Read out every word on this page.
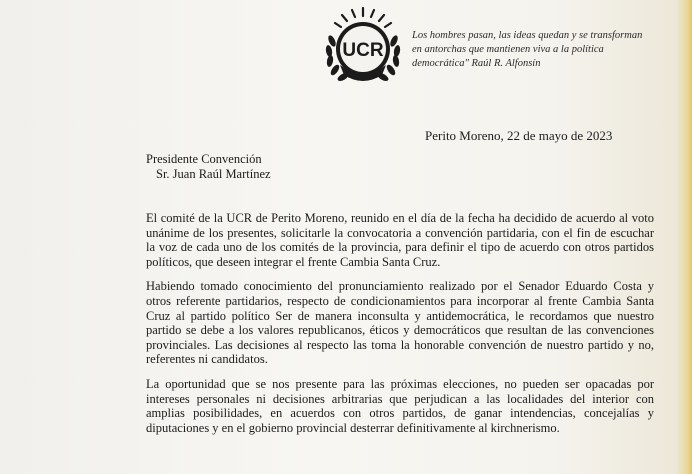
UCR
Los hombres pasan, las ideas quedan y se transforman
en antorchas que mantienen viva a la política
democrática" Raúl R. Alfonsín
Perito Moreno, 22 de mayo de 2023
Presidente Convención
Sr. Juan Raúl Martínez
El comité de la UCR de Perito Moreno, reunido en el día de la fecha ha decidido de acuerdo al voto
unánime de los presentes, solicitarle la convocatoria a convención partidaria, con el fin de escuchar
la voz de cada uno de los comités de la provincia, para definir el tipo de acuerdo con otros partidos
políticos, que deseen integrar el frente Cambia Santa Cruz.
Habiendo tomado conocimiento del pronunciamiento realizado por el Senador Eduardo Costa y
otros referente partidarios, respecto de condicionamientos para incorporar al frente Cambia Santa
Cruz al partido político Ser de manera inconsulta y antidemocrática, le recordamos que nuestro
partido se debe a los valores republicanos, éticos y democráticos que resultan de las convenciones
provinciales. Las decisiones al respecto las toma la honorable convención de nuestro partido y no,
referentes ni candidatos.
La oportunidad que se nos presente para las próximas elecciones, no pueden ser opacadas por
intereses personales ni decisiones arbitrarias que perjudican a las localidades del interior con
amplias posibilidades, en acuerdos con otros partidos, de ganar intendencias, concejalías y
diputaciones y en el gobierno provincial desterrar definitivamente al kirchnerismo.
